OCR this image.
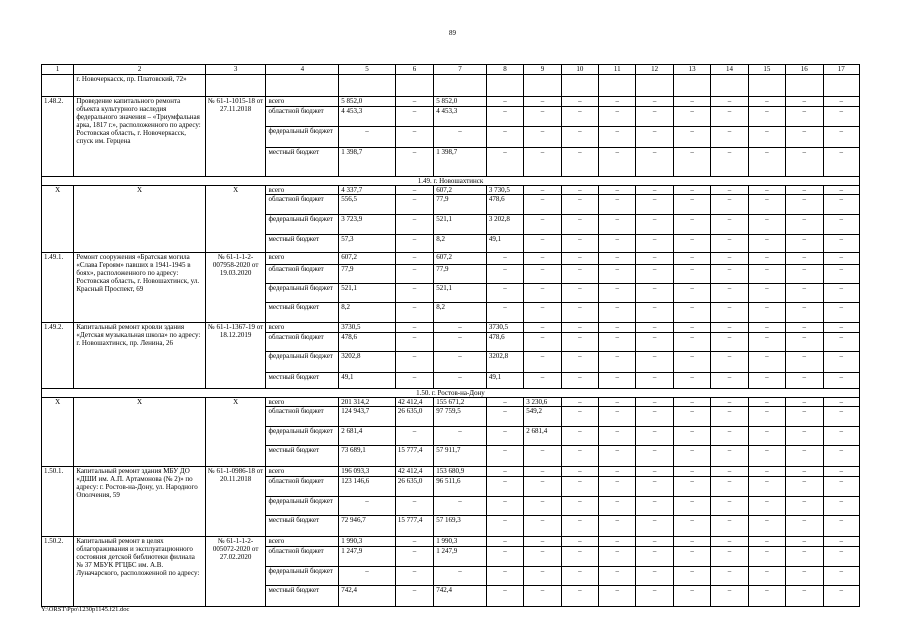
89
1	2	3	4	5	6	7	8	9	10	11	12	13	14	15	16	17
	г. Новочеркасск, пр. Платовский, 72»															
1.48.2.	Проведение капитального ремонта объекта культурного наследия федерального значения – «Триумфальная арка, 1817 г.», расположенного по адресу: Ростовская область, г. Новочеркасск, спуск им. Герцена	№ 61-1-1015-18 от 27.11.2018	всего	5 852,0	–	5 852,0	–	–	–	–	–	–	–	–	–	–
			областной бюджет	4 453,3	–	4 453,3	–	–	–	–	–	–	–	–	–	–
			федеральный бюджет	–	–	–	–	–	–	–	–	–	–	–	–	–
			местный бюджет	1 398,7	–	1 398,7	–	–	–	–	–	–	–	–	–	–
1.49. г. Новошахтинск																
Х	Х	Х	всего	4 337,7	–	607,2	3 730,5	–	–	–	–	–	–	–	–	–
			областной бюджет	556,5	–	77,9	478,6	–	–	–	–	–	–	–	–	–
			федеральный бюджет	3 723,9	–	521,1	3 202,8	–	–	–	–	–	–	–	–	–
			местный бюджет	57,3	–	8,2	49,1	–	–	–	–	–	–	–	–	–
1.49.1.	Ремонт сооружения «Братская могила «Слава Героям» павших в 1941-1945 в боях», расположенного по адресу: Ростовская область, г. Новошахтинск, ул. Красный Проспект, 69	№ 61-1-1-2-007958-2020 от 19.03.2020	всего	607,2	–	607,2	–	–	–	–	–	–	–	–	–	–
			областной бюджет	77,9	–	77,9	–	–	–	–	–	–	–	–	–	–
			федеральный бюджет	521,1	–	521,1	–	–	–	–	–	–	–	–	–	–
			местный бюджет	8,2	–	8,2	–	–	–	–	–	–	–	–	–	–
1.49.2.	Капитальный ремонт кровли здания «Детская музыкальная школа» по адресу: г. Новошахтинск, пр. Ленина, 26	№ 61-1-1367-19 от 18.12.2019	всего	3730,5	–	–	3730,5	–	–	–	–	–	–	–	–	–
			областной бюджет	478,6	–	–	478,6	–	–	–	–	–	–	–	–	–
			федеральный бюджет	3202,8	–	–	3202,8	–	–	–	–	–	–	–	–	–
			местный бюджет	49,1	–	–	49,1	–	–	–	–	–	–	–	–	–
1.50. г. Ростов-на-Дону																
Х	Х	Х	всего	201 314,2	42 412,4	155 671,2	–	3 230,6	–	–	–	–	–	–	–	–
			областной бюджет	124 943,7	26 635,0	97 759,5	–	549,2	–	–	–	–	–	–	–	–
			федеральный бюджет	2 681,4	–	–	–	2 681,4	–	–	–	–	–	–	–	–
			местный бюджет	73 689,1	15 777,4	57 911,7	–	–	–	–	–	–	–	–	–	–
1.50.1.	Капитальный ремонт здания МБУ ДО «ДШИ им. А.П. Артамонова (№ 2)» по адресу: г. Ростов-на-Дону, ул. Народного Ополчения, 59	№ 61-1-0986-18 от 20.11.2018	всего	196 093,3	42 412,4	153 680,9	–	–	–	–	–	–	–	–	–	–
			областной бюджет	123 146,6	26 635,0	96 511,6	–	–	–	–	–	–	–	–	–	–
			федеральный бюджет	–	–	–	–	–	–	–	–	–	–	–	–	–
			местный бюджет	72 946,7	15 777,4	57 169,3	–	–	–	–	–	–	–	–	–	–
1.50.2.	Капитальный ремонт в целях облагораживания и эксплуатационного состояния детской библиотеки филиала № 37 МБУК РГЦБС им. А.В. Луначарского, расположенной по адресу:	№ 61-1-1-2-005072-2020 от 27.02.2020	всего	1 990,3	–	1 990,3	–	–	–	–	–	–	–	–	–	–
			областной бюджет	1 247,9	–	1 247,9	–	–	–	–	–	–	–	–	–	–
			федеральный бюджет	–	–	–	–	–	–	–	–	–	–	–	–	–
			местный бюджет	742,4	–	742,4	–	–	–	–	–	–	–	–	–	–
Y:\ORST\Ppo\1230p1145.f21.doc
